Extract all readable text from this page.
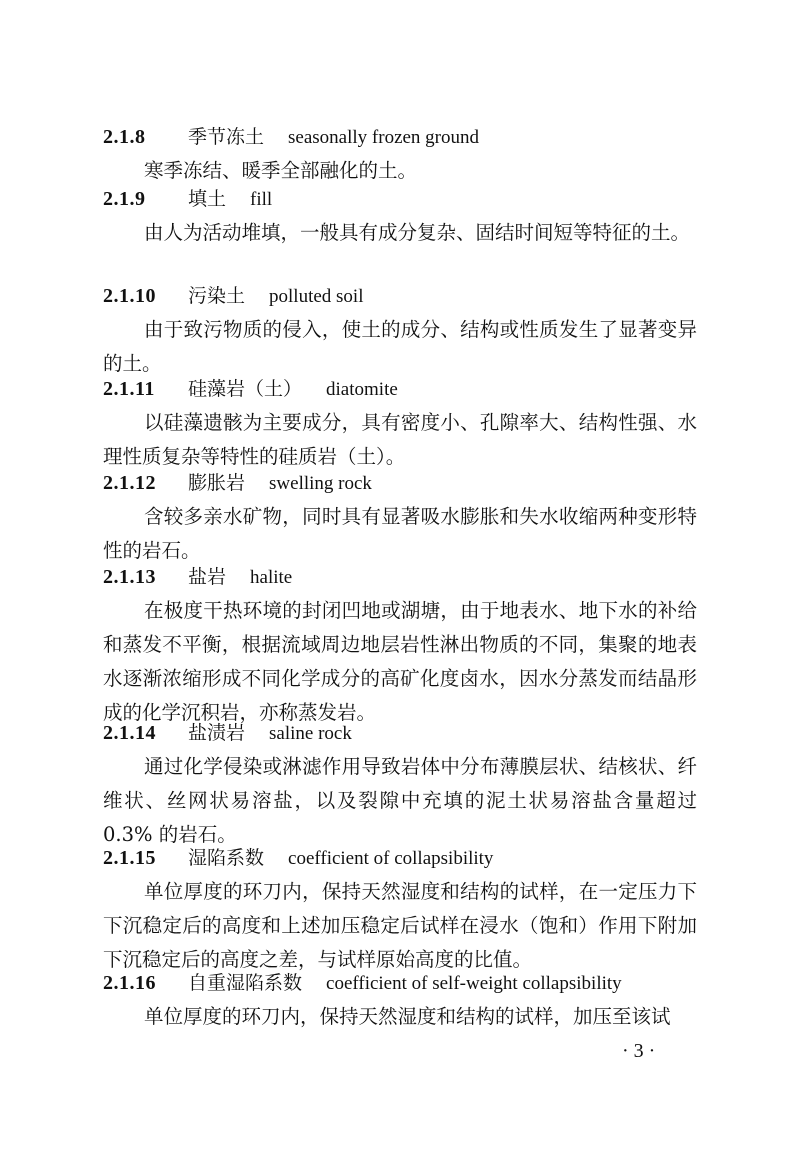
2.1.8 季节冻土 seasonally frozen ground

寒季冻结、暖季全部融化的土。

2.1.9 填土 fill

由人为活动堆填，一般具有成分复杂、固结时间短等特征的土。

2.1.10 污染土 polluted soil

由于致污物质的侵入，使土的成分、结构或性质发生了显著变异的土。

2.1.11 硅藻岩（土） diatomite

以硅藻遗骸为主要成分，具有密度小、孔隙率大、结构性强、水理性质复杂等特性的硅质岩（土）。

2.1.12 膨胀岩 swelling rock

含较多亲水矿物，同时具有显著吸水膨胀和失水收缩两种变形特性的岩石。

2.1.13 盐岩 halite

在极度干热环境的封闭凹地或湖塘，由于地表水、地下水的补给和蒸发不平衡，根据流域周边地层岩性淋出物质的不同，集聚的地表水逐渐浓缩形成不同化学成分的高矿化度卤水，因水分蒸发而结晶形成的化学沉积岩，亦称蒸发岩。

2.1.14 盐渍岩 saline rock

通过化学侵染或淋滤作用导致岩体中分布薄膜层状、结核状、纤维状、丝网状易溶盐，以及裂隙中充填的泥土状易溶盐含量超过0.3% 的岩石。

2.1.15 湿陷系数 coefficient of collapsibility

单位厚度的环刀内，保持天然湿度和结构的试样，在一定压力下下沉稳定后的高度和上述加压稳定后试样在浸水（饱和）作用下附加下沉稳定后的高度之差，与试样原始高度的比值。

2.1.16 自重湿陷系数 coefficient of self-weight collapsibility

单位厚度的环刀内，保持天然湿度和结构的试样，加压至该试

· 3 ·
